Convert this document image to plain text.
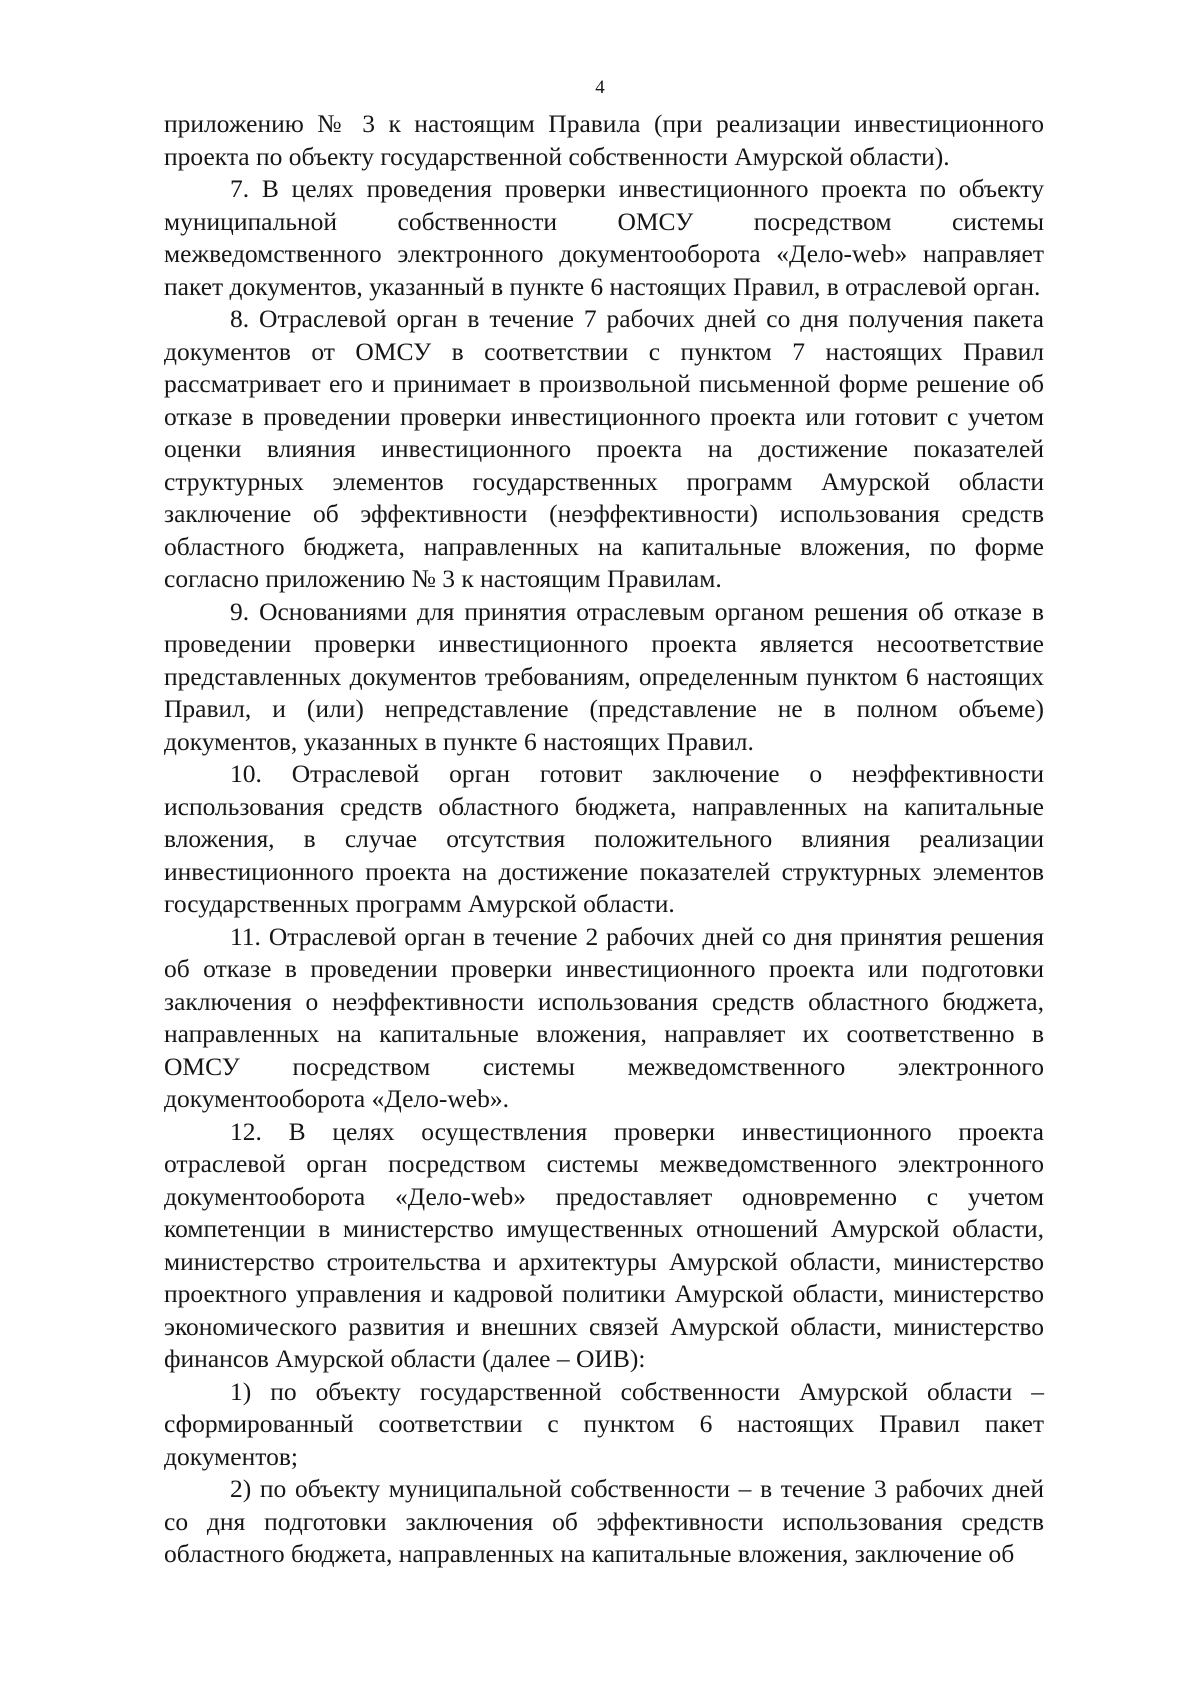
4

приложению № 3 к настоящим Правила (при реализации инвестиционного проекта по объекту государственной собственности Амурской области).

7. В целях проведения проверки инвестиционного проекта по объекту муниципальной собственности ОМСУ посредством системы межведомственного электронного документооборота «Дело-web» направляет пакет документов, указанный в пункте 6 настоящих Правил, в отраслевой орган.

8. Отраслевой орган в течение 7 рабочих дней со дня получения пакета документов от ОМСУ в соответствии с пунктом 7 настоящих Правил рассматривает его и принимает в произвольной письменной форме решение об отказе в проведении проверки инвестиционного проекта или готовит с учетом оценки влияния инвестиционного проекта на достижение показателей структурных элементов государственных программ Амурской области заключение об эффективности (неэффективности) использования средств областного бюджета, направленных на капитальные вложения, по форме согласно приложению № 3 к настоящим Правилам.

9. Основаниями для принятия отраслевым органом решения об отказе в проведении проверки инвестиционного проекта является несоответствие представленных документов требованиям, определенным пунктом 6 настоящих Правил, и (или) непредставление (представление не в полном объеме) документов, указанных в пункте 6 настоящих Правил.

10. Отраслевой орган готовит заключение о неэффективности использования средств областного бюджета, направленных на капитальные вложения, в случае отсутствия положительного влияния реализации инвестиционного проекта на достижение показателей структурных элементов государственных программ Амурской области.

11. Отраслевой орган в течение 2 рабочих дней со дня принятия решения об отказе в проведении проверки инвестиционного проекта или подготовки заключения о неэффективности использования средств областного бюджета, направленных на капитальные вложения, направляет их соответственно в ОМСУ посредством системы межведомственного электронного документооборота «Дело-web».

12. В целях осуществления проверки инвестиционного проекта отраслевой орган посредством системы межведомственного электронного документооборота «Дело-web» предоставляет одновременно с учетом компетенции в министерство имущественных отношений Амурской области, министерство строительства и архитектуры Амурской области, министерство проектного управления и кадровой политики Амурской области, министерство экономического развития и внешних связей Амурской области, министерство финансов Амурской области (далее – ОИВ):

1) по объекту государственной собственности Амурской области – сформированный соответствии с пунктом 6 настоящих Правил пакет документов;

2) по объекту муниципальной собственности – в течение 3 рабочих дней со дня подготовки заключения об эффективности использования средств областного бюджета, направленных на капитальные вложения, заключение об
